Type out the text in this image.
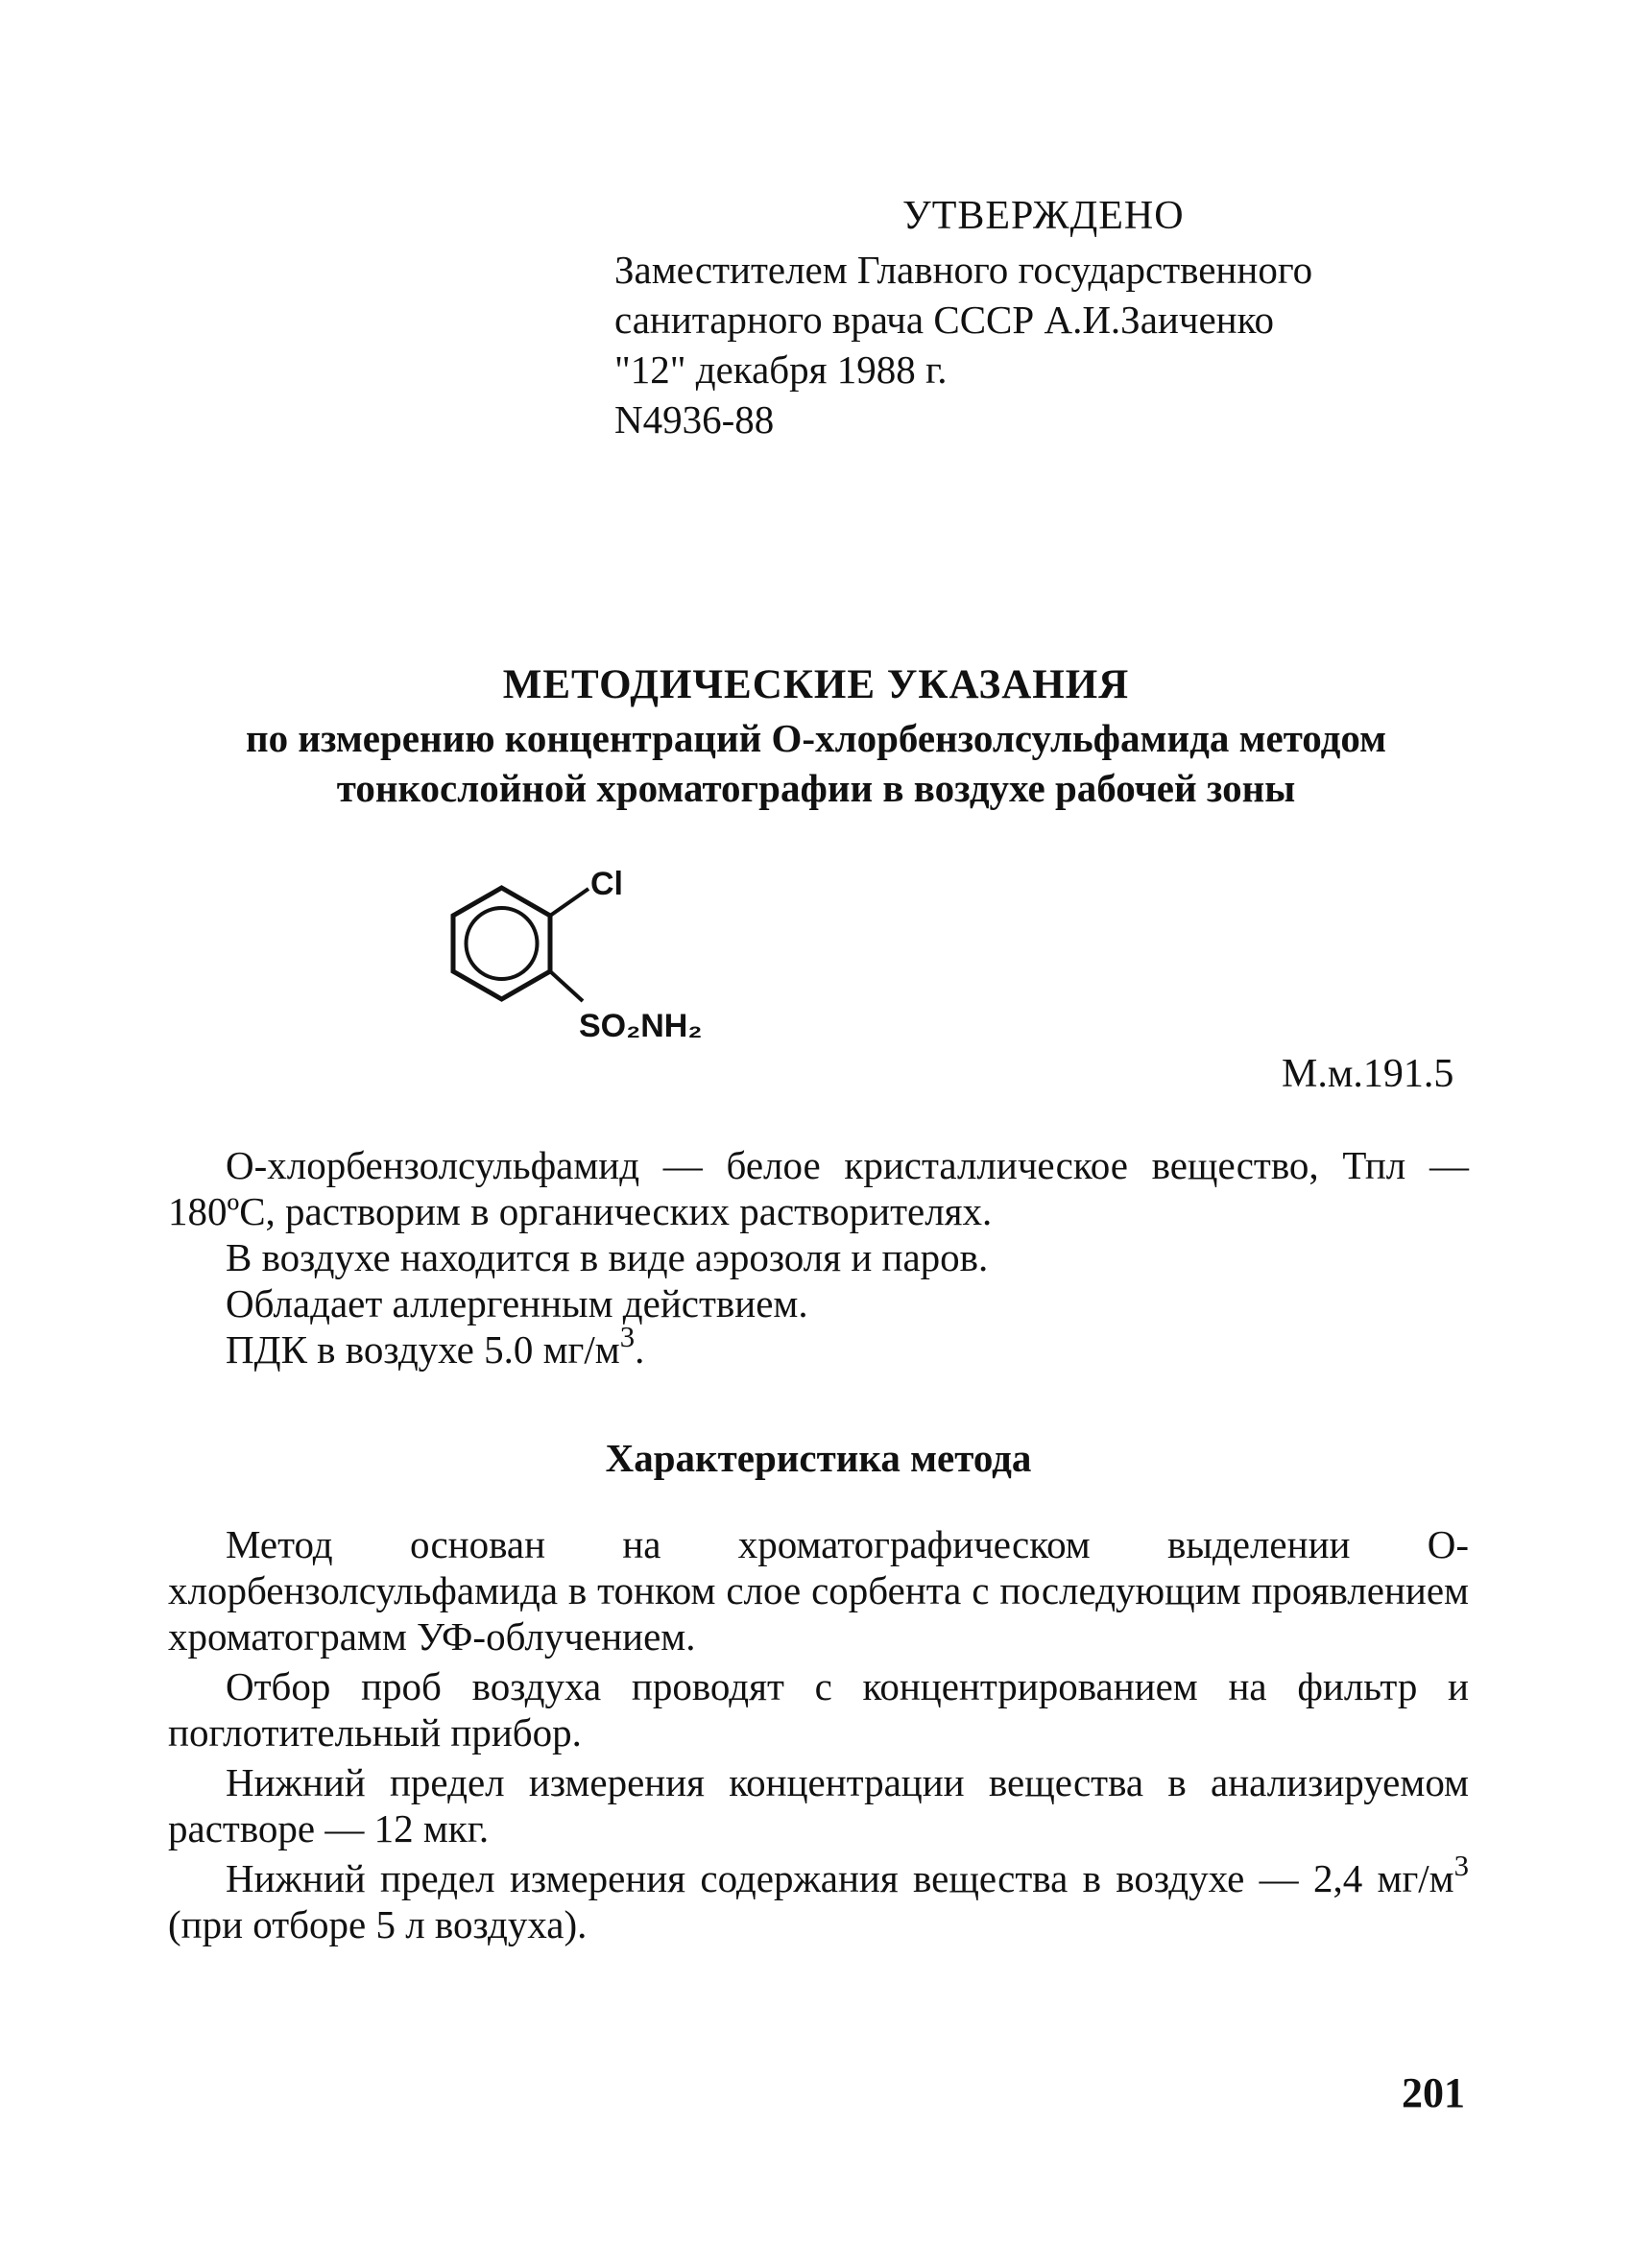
УТВЕРЖДЕНО
Заместителем Главного государственного
санитарного врача СССР А.И.Заиченко
"12" декабря 1988 г.
N4936-88
МЕТОДИЧЕСКИЕ УКАЗАНИЯ
по измерению концентраций О-хлорбензолсульфамида методом
тонкослойной хроматографии в воздухе рабочей зоны
Cl
SO₂NH₂
М.м.191.5
О-хлорбензолсульфамид — белое кристаллическое вещество, Тпл — 180ºС, растворим в органических растворителях.
В воздухе находится в виде аэрозоля и паров.
Обладает аллергенным действием.
ПДК в воздухе 5.0 $мг/м^3$.
Характеристика метода
Метод основан на хроматографическом выделении О-хлорбензолсульфамида в тонком слое сорбента с последующим проявлением хроматограмм УФ-облучением.
Отбор проб воздуха проводят с концентрированием на фильтр и поглотительный прибор.
Нижний предел измерения концентрации вещества в анализируемом растворе — 12 мкг.
Нижний предел измерения содержания вещества в воздухе — 2,4 $мг/м^3$ (при отборе 5 л воздуха).
201
